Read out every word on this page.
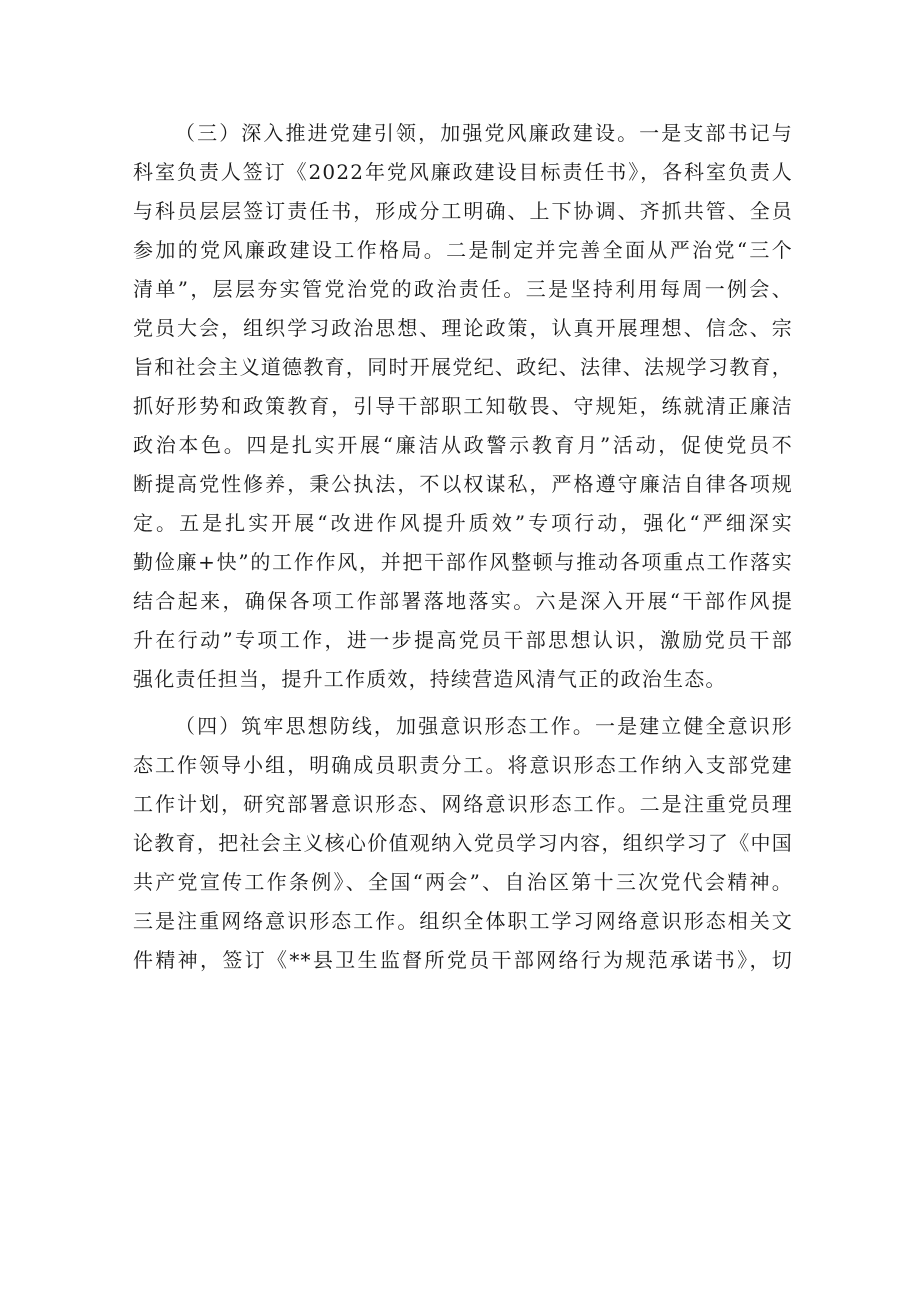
（三）深入推进党建引领，加强党风廉政建设。一是支部书记与
科室负责人签订《2022年党风廉政建设目标责任书》，各科室负责人
与科员层层签订责任书，形成分工明确、上下协调、齐抓共管、全员
参加的党风廉政建设工作格局。二是制定并完善全面从严治党“三个
清单”，层层夯实管党治党的政治责任。三是坚持利用每周一例会、
党员大会，组织学习政治思想、理论政策，认真开展理想、信念、宗
旨和社会主义道德教育，同时开展党纪、政纪、法律、法规学习教育，
抓好形势和政策教育，引导干部职工知敬畏、守规矩，练就清正廉洁
政治本色。四是扎实开展“廉洁从政警示教育月”活动，促使党员不
断提高党性修养，秉公执法，不以权谋私，严格遵守廉洁自律各项规
定。五是扎实开展“改进作风提升质效”专项行动，强化“严细深实
勤俭廉+快”的工作作风，并把干部作风整顿与推动各项重点工作落实
结合起来，确保各项工作部署落地落实。六是深入开展“干部作风提
升在行动”专项工作，进一步提高党员干部思想认识，激励党员干部
强化责任担当，提升工作质效，持续营造风清气正的政治生态。
（四）筑牢思想防线，加强意识形态工作。一是建立健全意识形
态工作领导小组，明确成员职责分工。将意识形态工作纳入支部党建
工作计划，研究部署意识形态、网络意识形态工作。二是注重党员理
论教育，把社会主义核心价值观纳入党员学习内容，组织学习了《中国
共产党宣传工作条例》、全国“两会”、自治区第十三次党代会精神。
三是注重网络意识形态工作。组织全体职工学习网络意识形态相关文
件精神，签订《**县卫生监督所党员干部网络行为规范承诺书》，切
